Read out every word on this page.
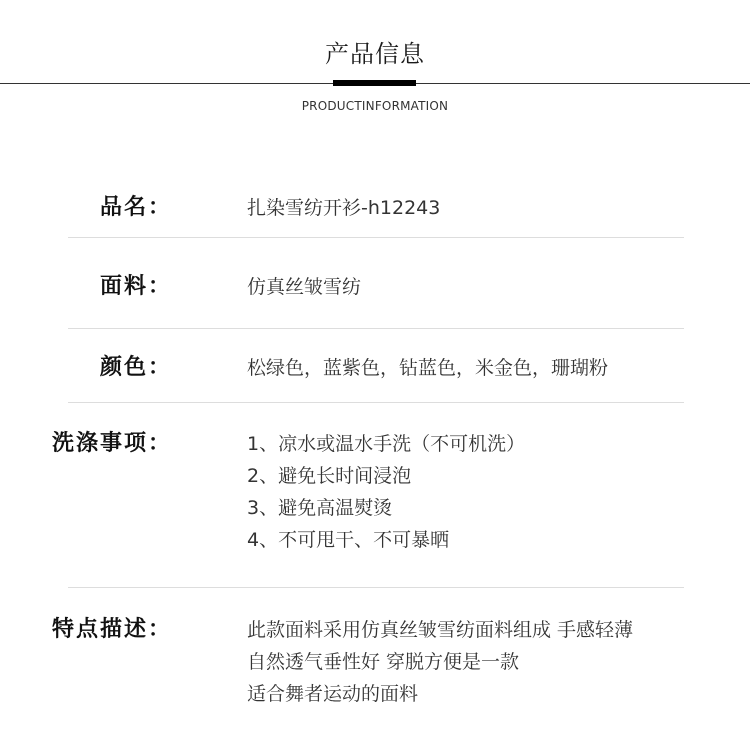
产品信息
PRODUCTINFORMATION
品名：	扎染雪纺开衫-h12243
面料：	仿真丝皱雪纺
颜色：	松绿色，蓝紫色，钻蓝色，米金色，珊瑚粉
洗涤事项：	1、凉水或温水手洗（不可机洗）
2、避免长时间浸泡
3、避免高温熨烫
4、不可甩干、不可暴晒
特点描述：	此款面料采用仿真丝皱雪纺面料组成 手感轻薄
自然透气垂性好 穿脱方便是一款
适合舞者运动的面料
